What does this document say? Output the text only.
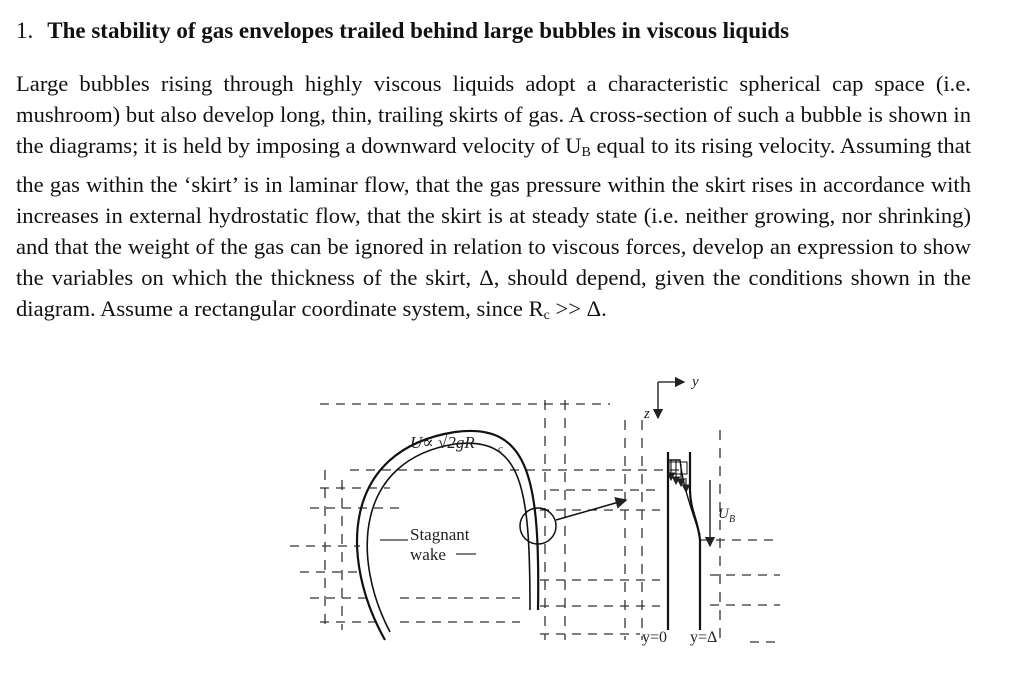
1. The stability of gas envelopes trailed behind large bubbles in viscous liquids
Large bubbles rising through highly viscous liquids adopt a characteristic spherical cap space (i.e. mushroom) but also develop long, thin, trailing skirts of gas. A cross-section of such a bubble is shown in the diagrams; it is held by imposing a downward velocity of $U_B$ equal to its rising velocity. Assuming that the gas within the ‘skirt’ is in laminar flow, that the gas pressure within the skirt rises in accordance with increases in external hydrostatic flow, that the skirt is at steady state (i.e. neither growing, nor shrinking) and that the weight of the gas can be ignored in relation to viscous forces, develop an expression to show the variables on which the thickness of the skirt, Δ, should depend, given the conditions shown in the diagram. Assume a rectangular coordinate system, since $R_c >> \Delta$.
U∝ √2gR c
Stagnant
wake
y
z
U B
y=0 y=Δ
